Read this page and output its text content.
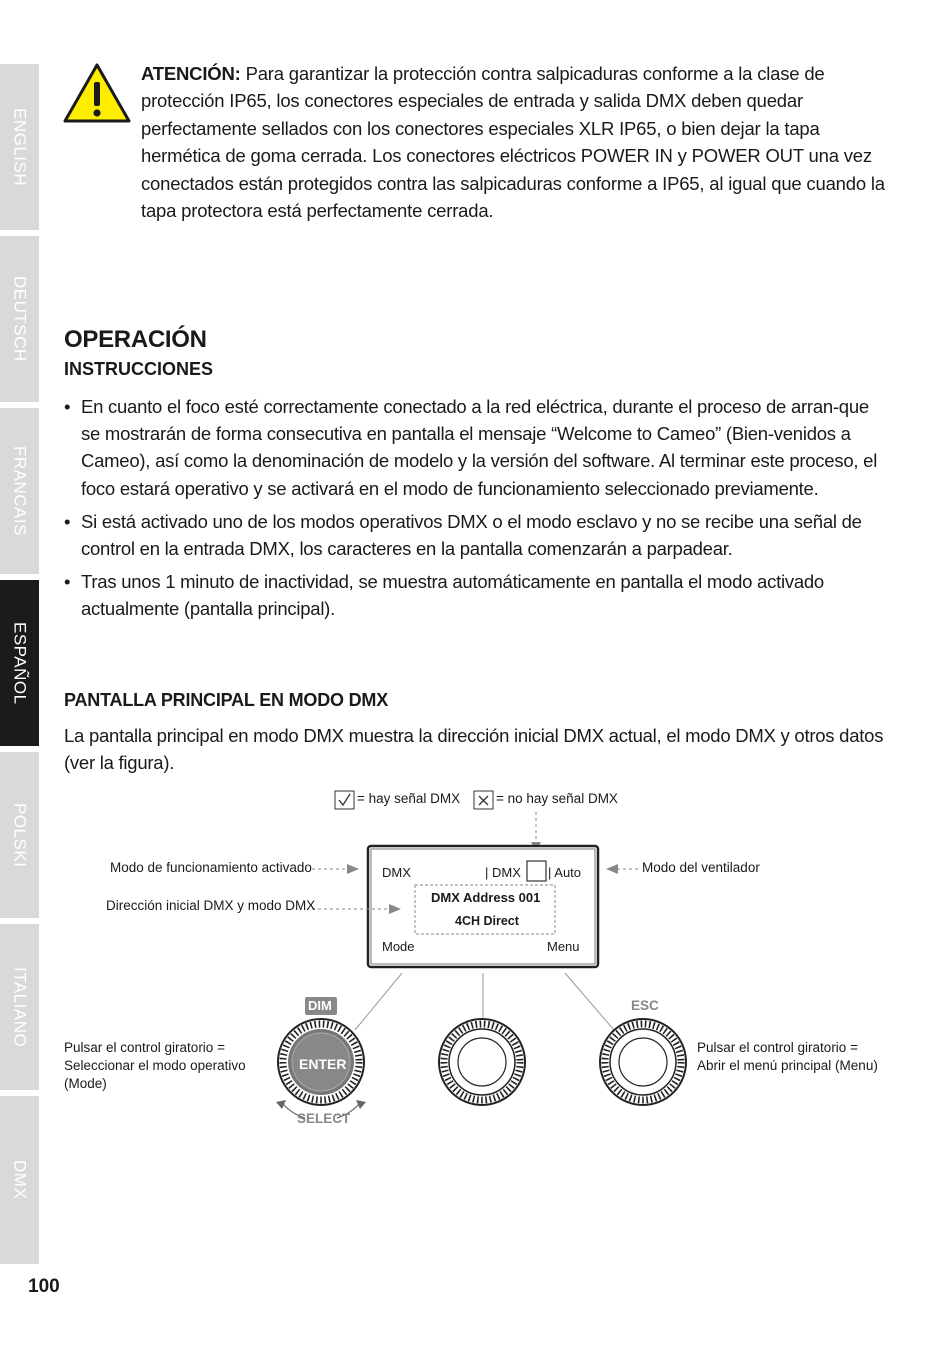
ENGLISH
DEUTSCH
FRANCAIS
ESPAÑOL
POLSKI
ITALIANO
DMX
ATENCIÓN: Para garantizar la protección contra salpicaduras conforme a la clase de protección IP65, los conectores especiales de entrada y salida DMX deben quedar perfectamente sellados con los conectores especiales XLR IP65, o bien dejar la tapa hermética de goma cerrada. Los conectores eléctricos POWER IN y POWER OUT una vez conectados están protegidos contra las salpicaduras conforme a IP65, al igual que cuando la tapa protectora está perfectamente cerrada.
OPERACIÓN
INSTRUCCIONES
• En cuanto el foco esté correctamente conectado a la red eléctrica, durante el proceso de arran-que se mostrarán de forma consecutiva en pantalla el mensaje “Welcome to Cameo” (Bien-venidos a Cameo), así como la denominación de modelo y la versión del software. Al terminar este proceso, el foco estará operativo y se activará en el modo de funcionamiento seleccionado previamente.
• Si está activado uno de los modos operativos DMX o el modo esclavo y no se recibe una señal de control en la entrada DMX, los caracteres en la pantalla comenzarán a parpadear.
• Tras unos 1 minuto de inactividad, se muestra automáticamente en pantalla el modo activado actualmente (pantalla principal).
PANTALLA PRINCIPAL EN MODO DMX

La pantalla principal en modo DMX muestra la dirección inicial DMX actual, el modo DMX y otros datos (ver la figura).

= hay señal DMX	= no hay señal DMX
Modo de funcionamiento activado
Dirección inicial DMX y modo DMX
Modo del ventilador
DMX	| DMX | Auto
DMX Address 001
4CH Direct
Mode	Menu
DIM
ENTER
SELECT
ESC
Pulsar el control giratorio =
Seleccionar el modo operativo
(Mode)
Pulsar el control giratorio =
Abrir el menú principal (Menu)
100
